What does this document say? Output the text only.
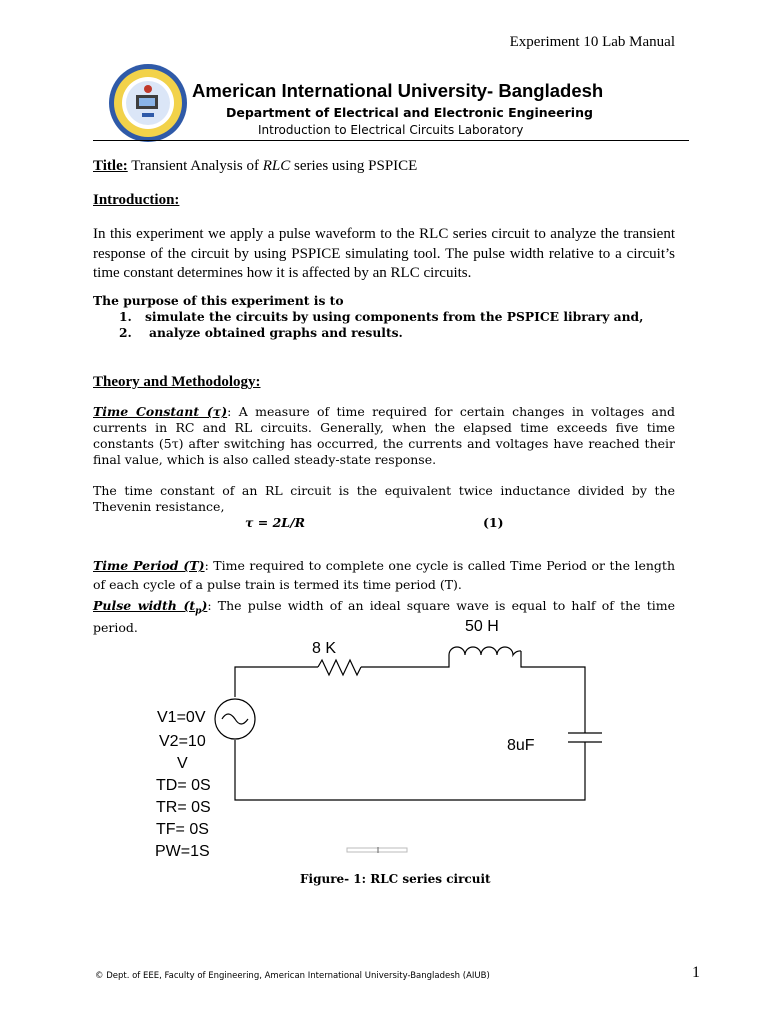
Experiment 10 Lab Manual
American International University- Bangladesh
Department of Electrical and Electronic Engineering
Introduction to Electrical Circuits Laboratory
Title: Transient Analysis of RLC series using PSPICE
Introduction:
In this experiment we apply a pulse waveform to the RLC series circuit to analyze the transient response of the circuit by using PSPICE simulating tool. The pulse width relative to a circuit’s time constant determines how it is affected by an RLC circuits.
The purpose of this experiment is to
1. simulate the circuits by using components from the PSPICE library and,
2. analyze obtained graphs and results.
Theory and Methodology:
Time Constant (τ): A measure of time required for certain changes in voltages and currents in RC and RL circuits. Generally, when the elapsed time exceeds five time constants (5τ) after switching has occurred, the currents and voltages have reached their final value, which is also called steady-state response.
The time constant of an RL circuit is the equivalent twice inductance divided by the Thevenin resistance,
τ = 2L/R	(1)
Time Period (T): Time required to complete one cycle is called Time Period or the length of each cycle of a pulse train is termed its time period (T).
Pulse width $(t_p)$: The pulse width of an ideal square wave is equal to half of the time period.
8 K
50 H
8uF
V1=0V
V2=10
V
TD= 0S
TR= 0S
TF= 0S
PW=1S
Figure- 1: RLC series circuit
© Dept. of EEE, Faculty of Engineering, American International University-Bangladesh (AIUB)	1
